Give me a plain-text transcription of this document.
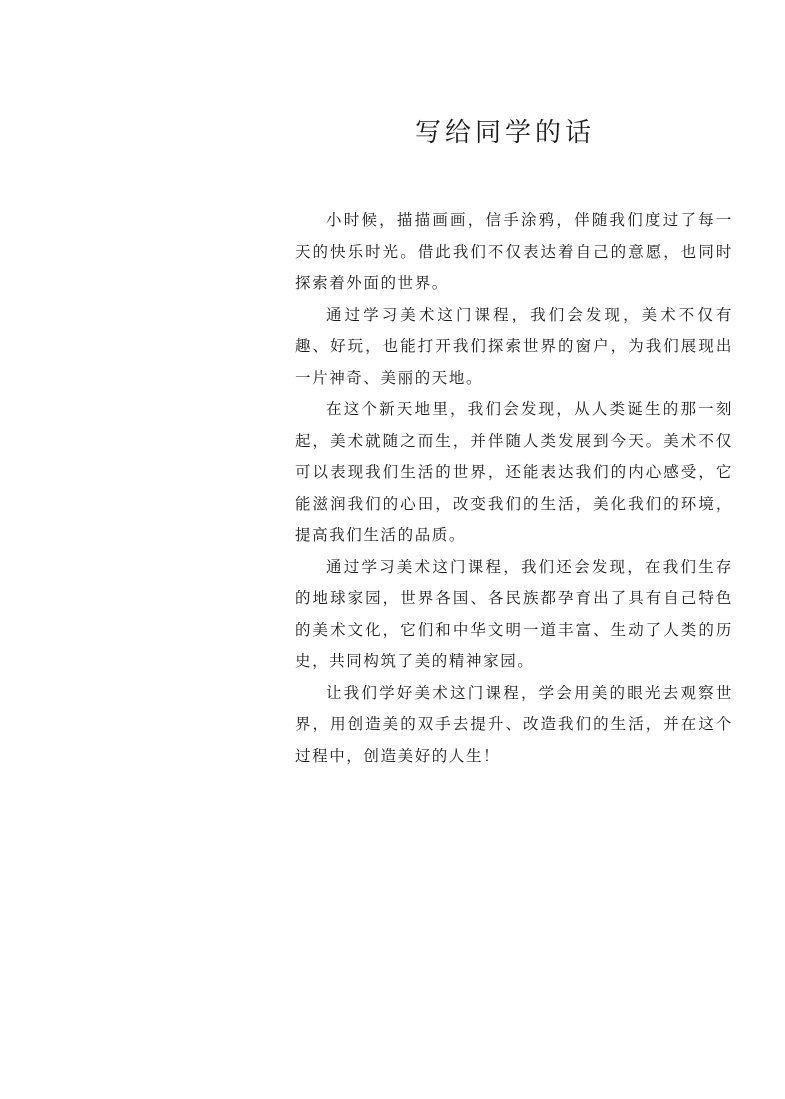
写给同学的话

小时候，描描画画，信手涂鸦，伴随我们度过了每一天的快乐时光。借此我们不仅表达着自己的意愿，也同时探索着外面的世界。

通过学习美术这门课程，我们会发现，美术不仅有趣、好玩，也能打开我们探索世界的窗户，为我们展现出一片神奇、美丽的天地。

在这个新天地里，我们会发现，从人类诞生的那一刻起，美术就随之而生，并伴随人类发展到今天。美术不仅可以表现我们生活的世界，还能表达我们的内心感受，它能滋润我们的心田，改变我们的生活，美化我们的环境，提高我们生活的品质。

通过学习美术这门课程，我们还会发现，在我们生存的地球家园，世界各国、各民族都孕育出了具有自己特色的美术文化，它们和中华文明一道丰富、生动了人类的历史，共同构筑了美的精神家园。

让我们学好美术这门课程，学会用美的眼光去观察世界，用创造美的双手去提升、改造我们的生活，并在这个过程中，创造美好的人生！
